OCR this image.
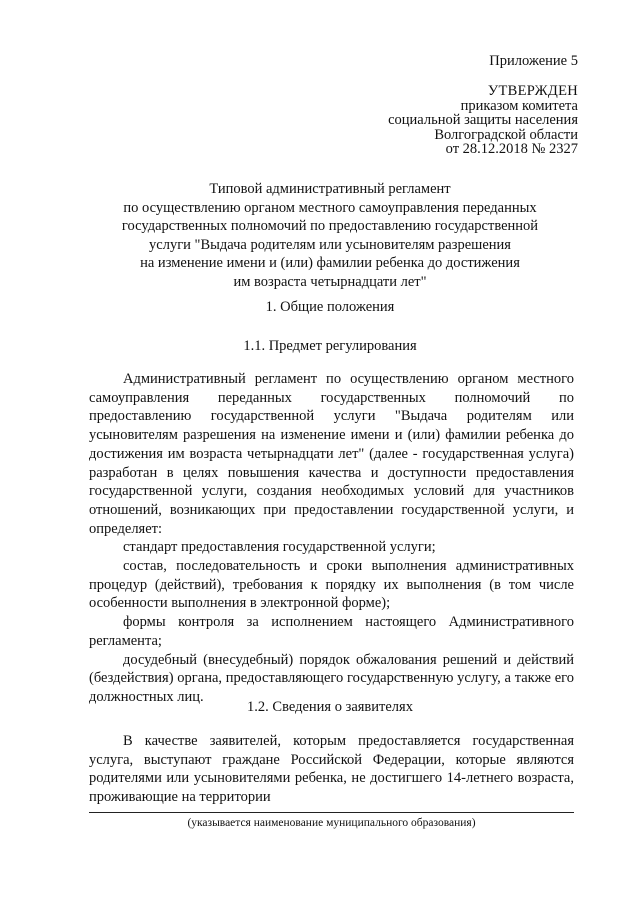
Приложение 5
УТВЕРЖДЕН
приказом комитета
социальной защиты населения
Волгоградской области
от 28.12.2018 № 2327
Типовой административный регламент
по осуществлению органом местного самоуправления переданных
государственных полномочий по предоставлению государственной
услуги "Выдача родителям или усыновителям разрешения
на изменение имени и (или) фамилии ребенка до достижения
им возраста четырнадцати лет"
1. Общие положения
1.1. Предмет регулирования

Административный регламент по осуществлению органом местного самоуправления переданных государственных полномочий по предоставлению государственной услуги "Выдача родителям или усыновителям разрешения на изменение имени и (или) фамилии ребенка до достижения им возраста четырнадцати лет" (далее - государственная услуга) разработан в целях повышения качества и доступности предоставления государственной услуги, создания необходимых условий для участников отношений, возникающих при предоставлении государственной услуги, и определяет:

стандарт предоставления государственной услуги;

состав, последовательность и сроки выполнения административных процедур (действий), требования к порядку их выполнения (в том числе особенности выполнения в электронной форме);

формы контроля за исполнением настоящего Административного регламента;

досудебный (внесудебный) порядок обжалования решений и действий (бездействия) органа, предоставляющего государственную услугу, а также его должностных лиц.

1.2. Сведения о заявителях

В качестве заявителей, которым предоставляется государственная услуга, выступают граждане Российской Федерации, которые являются родителями или усыновителями ребенка, не достигшего 14-летнего возраста, проживающие на территории

(указывается наименование муниципального образования)
